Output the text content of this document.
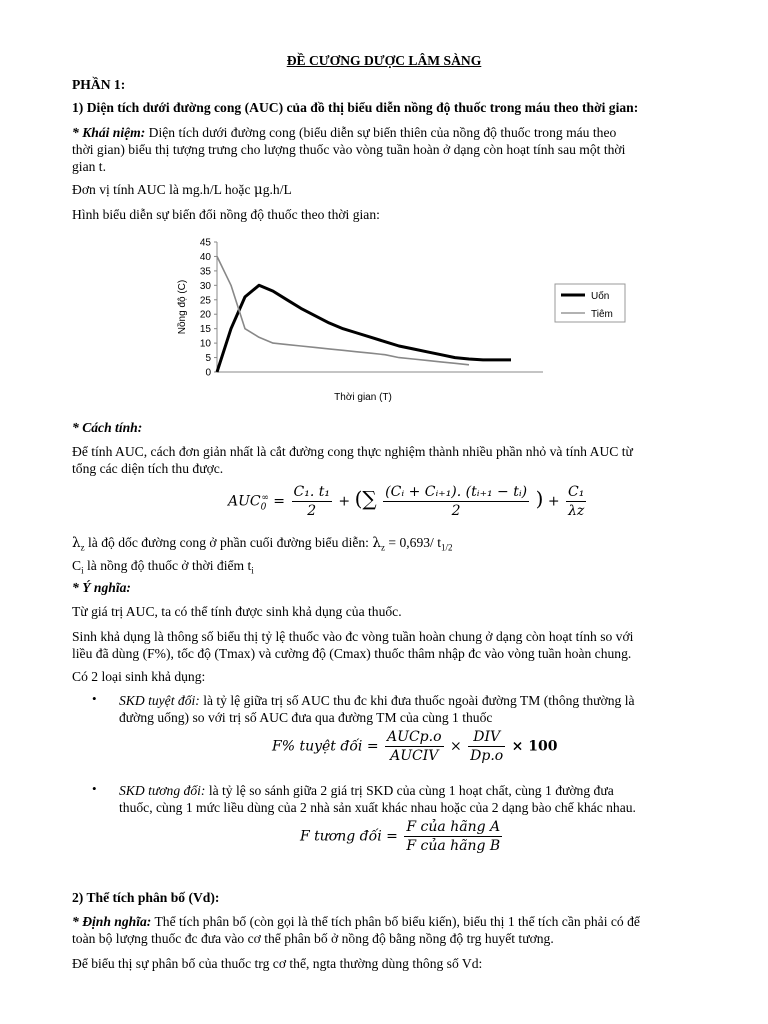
ĐỀ CƯƠNG DƯỢC LÂM SÀNG
PHẦN 1:
1) Diện tích dưới đường cong (AUC) của đồ thị biểu diễn nồng độ thuốc trong máu theo thời gian:
* Khái niệm: Diện tích dưới đường cong (biểu diễn sự biến thiên của nồng độ thuốc trong máu theo
thời gian) biểu thị tượng trưng cho lượng thuốc vào vòng tuần hoàn ở dạng còn hoạt tính sau một thời
gian t.
Đơn vị tính AUC là mg.h/L hoặc μg.h/L
Hình biểu diễn sự biến đổi nồng độ thuốc theo thời gian:
45
40
35
30
25
20
15
10
5
0
Nồng độ (C)
Thời gian (T)
Uốn
Tiêm
* Cách tính:
Để tính AUC, cách đơn giản nhất là cắt đường cong thực nghiệm thành nhiều phần nhỏ và tính AUC từ
tổng các diện tích thu được.
$AUC_0^\infty = \frac{\text{C₁. t₁}}{2}$ + (∑ $\frac{\text{(Cᵢ + Cᵢ₊₁). (tᵢ₊₁ − tᵢ)}}{2}$ ) + $\frac{\text{C₁}}{\lambda z}$
$\lambda_z$ là độ dốc đường cong ở phần cuối đường biểu diễn: $\lambda_z = 0,693/$ $t_{1/2}$
$C_i$ là nồng độ thuốc ở thời điểm $t_i$
* Ý nghĩa:
Từ giá trị AUC, ta có thể tính được sinh khả dụng của thuốc.
Sinh khả dụng là thông số biểu thị tỷ lệ thuốc vào đc vòng tuần hoàn chung ở dạng còn hoạt tính so với
liều đã dùng (F%), tốc độ (Tmax) và cường độ (Cmax) thuốc thâm nhập đc vào vòng tuần hoàn chung.
Có 2 loại sinh khả dụng:
• SKD tuyệt đối: là tỷ lệ giữa trị số AUC thu đc khi đưa thuốc ngoài đường TM (thông thường là
đường uống) so với trị số AUC đưa qua đường TM của cùng 1 thuốc
F% tuyệt đối = $\frac{\text{AUCp.o}}{\text{AUCIV}} \times \frac{\text{DIV}}{Dp.o} \times 100$
• SKD tương đối: là tỷ lệ so sánh giữa 2 giá trị SKD của cùng 1 hoạt chất, cùng 1 đường đưa
thuốc, cùng 1 mức liều dùng của 2 nhà sản xuất khác nhau hoặc của 2 dạng bào chế khác nhau.
F tương đối = $\frac{\text{F của hãng A}}{\text{F của hãng B}}$
2) Thể tích phân bố (Vd):
* Định nghĩa: Thể tích phân bố (còn gọi là thể tích phân bố biểu kiến), biểu thị 1 thể tích cần phải có để
toàn bộ lượng thuốc đc đưa vào cơ thể phân bố ở nồng độ bằng nồng độ trg huyết tương.
Để biểu thị sự phân bố của thuốc trg cơ thể, ngta thường dùng thông số Vd:
